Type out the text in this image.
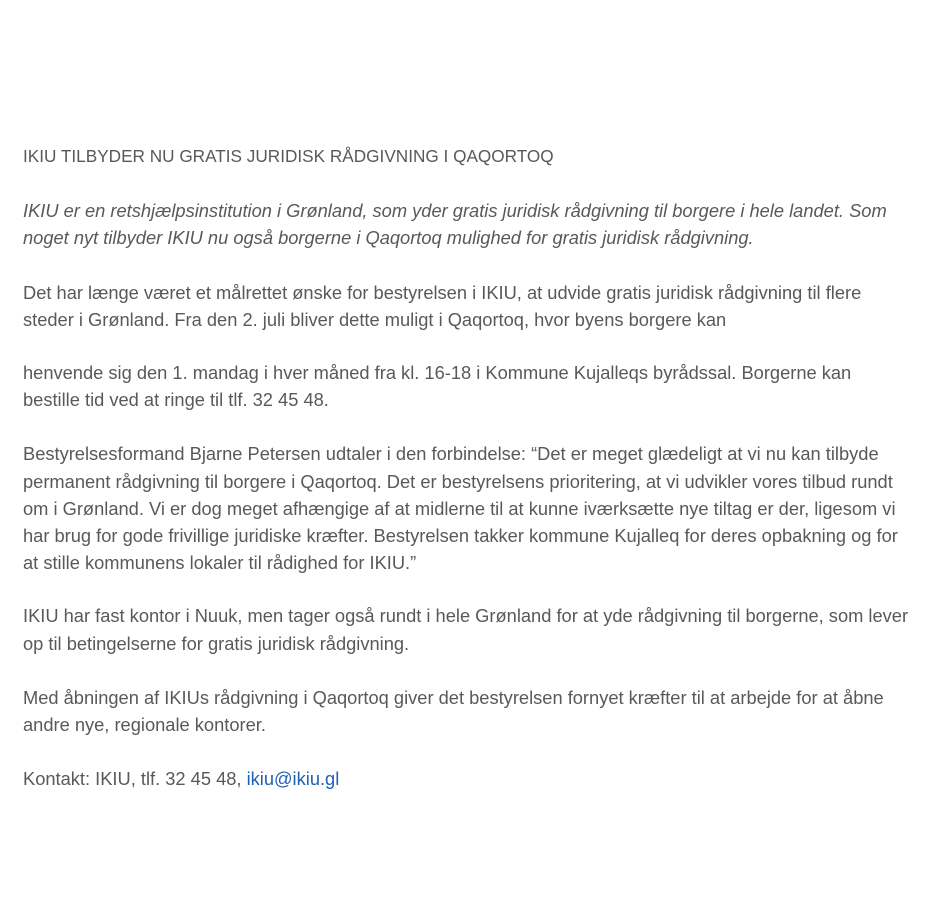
IKIU TILBYDER NU GRATIS JURIDISK RÅDGIVNING I QAQORTOQ

IKIU er en retshjælpsinstitution i Grønland, som yder gratis juridisk rådgivning til borgere i hele landet. Som noget nyt tilbyder IKIU nu også borgerne i Qaqortoq mulighed for gratis juridisk rådgivning.

Det har længe været et målrettet ønske for bestyrelsen i IKIU, at udvide gratis juridisk rådgivning til flere steder i Grønland. Fra den 2. juli bliver dette muligt i Qaqortoq, hvor byens borgere kan

henvende sig den 1. mandag i hver måned fra kl. 16-18 i Kommune Kujalleqs byrådssal. Borgerne kan bestille tid ved at ringe til tlf. 32 45 48.

Bestyrelsesformand Bjarne Petersen udtaler i den forbindelse: “Det er meget glædeligt at vi nu kan tilbyde permanent rådgivning til borgere i Qaqortoq. Det er bestyrelsens prioritering, at vi udvikler vores tilbud rundt om i Grønland. Vi er dog meget afhængige af at midlerne til at kunne iværksætte nye tiltag er der, ligesom vi har brug for gode frivillige juridiske kræfter. Bestyrelsen takker kommune Kujalleq for deres opbakning og for at stille kommunens lokaler til rådighed for IKIU.”

IKIU har fast kontor i Nuuk, men tager også rundt i hele Grønland for at yde rådgivning til borgerne, som lever op til betingelserne for gratis juridisk rådgivning.

Med åbningen af IKIUs rådgivning i Qaqortoq giver det bestyrelsen fornyet kræfter til at arbejde for at åbne andre nye, regionale kontorer.

Kontakt: IKIU, tlf. 32 45 48, ikiu@ikiu.gl
